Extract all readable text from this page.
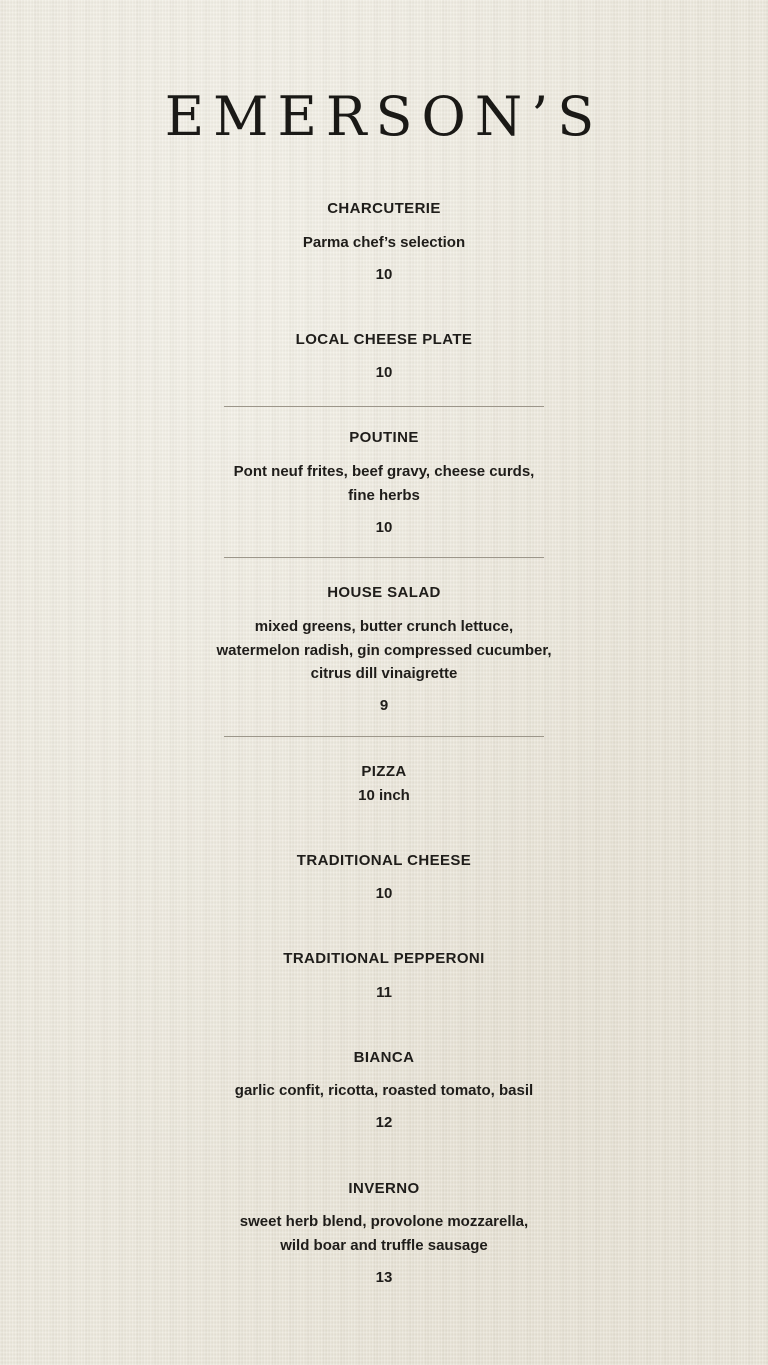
EMERSON’S
CHARCUTERIE
Parma chef’s selection
10
LOCAL CHEESE PLATE
10
POUTINE
Pont neuf frites, beef gravy, cheese curds,
fine herbs
10
HOUSE SALAD
mixed greens, butter crunch lettuce,
watermelon radish, gin compressed cucumber,
citrus dill vinaigrette
9
PIZZA
10 inch
TRADITIONAL CHEESE
10
TRADITIONAL PEPPERONI
11
BIANCA
garlic confit, ricotta, roasted tomato, basil
12
INVERNO
sweet herb blend, provolone mozzarella,
wild boar and truffle sausage
13
